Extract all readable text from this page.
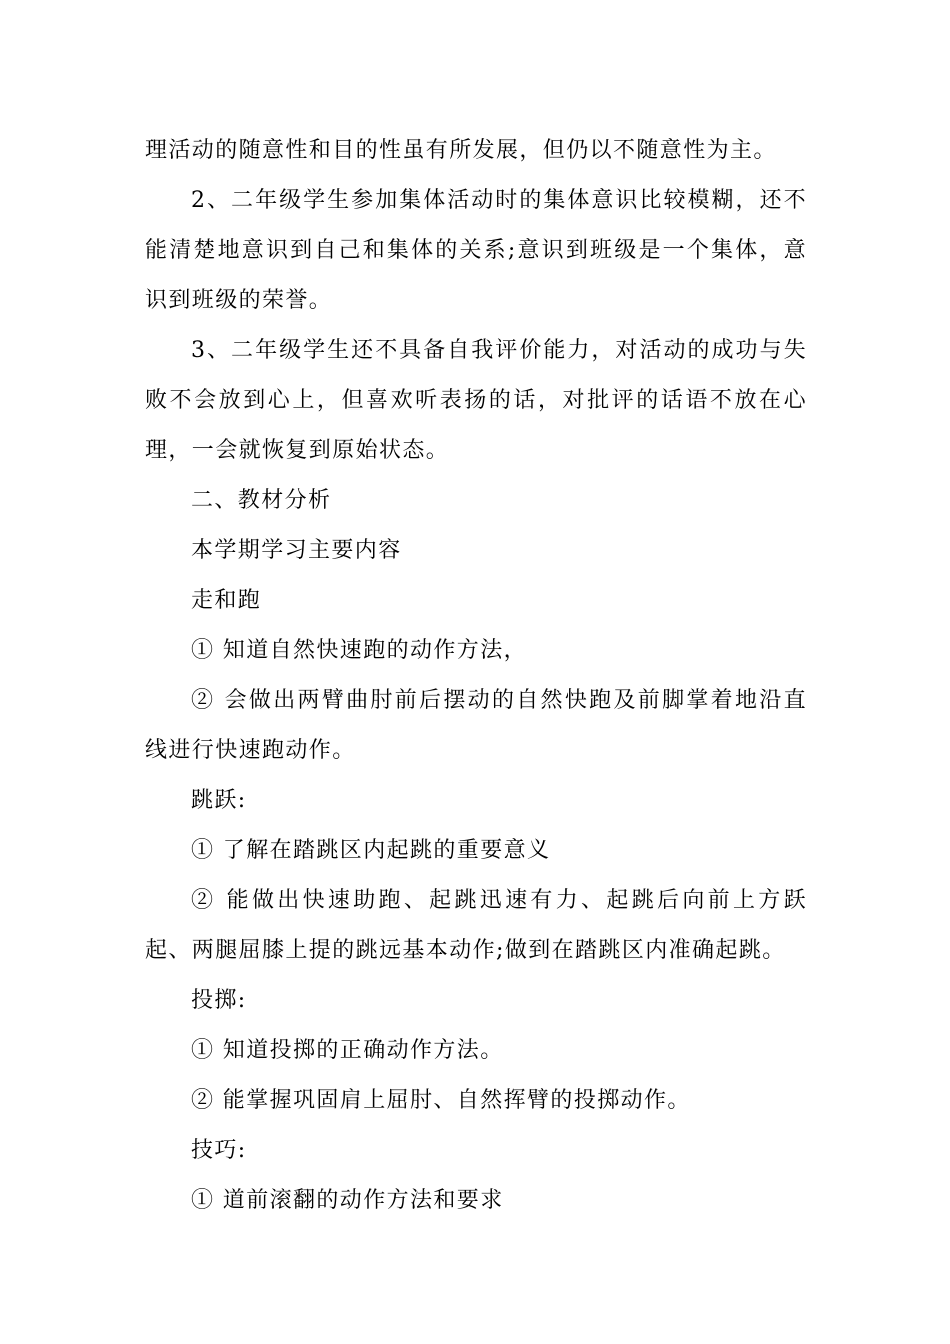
理活动的随意性和目的性虽有所发展，但仍以不随意性为主。

2、二年级学生参加集体活动时的集体意识比较模糊，还不能清楚地意识到自己和集体的关系;意识到班级是一个集体，意识到班级的荣誉。

3、二年级学生还不具备自我评价能力，对活动的成功与失败不会放到心上，但喜欢听表扬的话，对批评的话语不放在心理，一会就恢复到原始状态。

二、教材分析

本学期学习主要内容

走和跑

① 知道自然快速跑的动作方法，

② 会做出两臂曲肘前后摆动的自然快跑及前脚掌着地沿直线进行快速跑动作。

跳跃:

① 了解在踏跳区内起跳的重要意义

② 能做出快速助跑、起跳迅速有力、起跳后向前上方跃起、两腿屈膝上提的跳远基本动作;做到在踏跳区内准确起跳。

投掷:

① 知道投掷的正确动作方法。

② 能掌握巩固肩上屈肘、自然挥臂的投掷动作。

技巧:

① 道前滚翻的动作方法和要求
